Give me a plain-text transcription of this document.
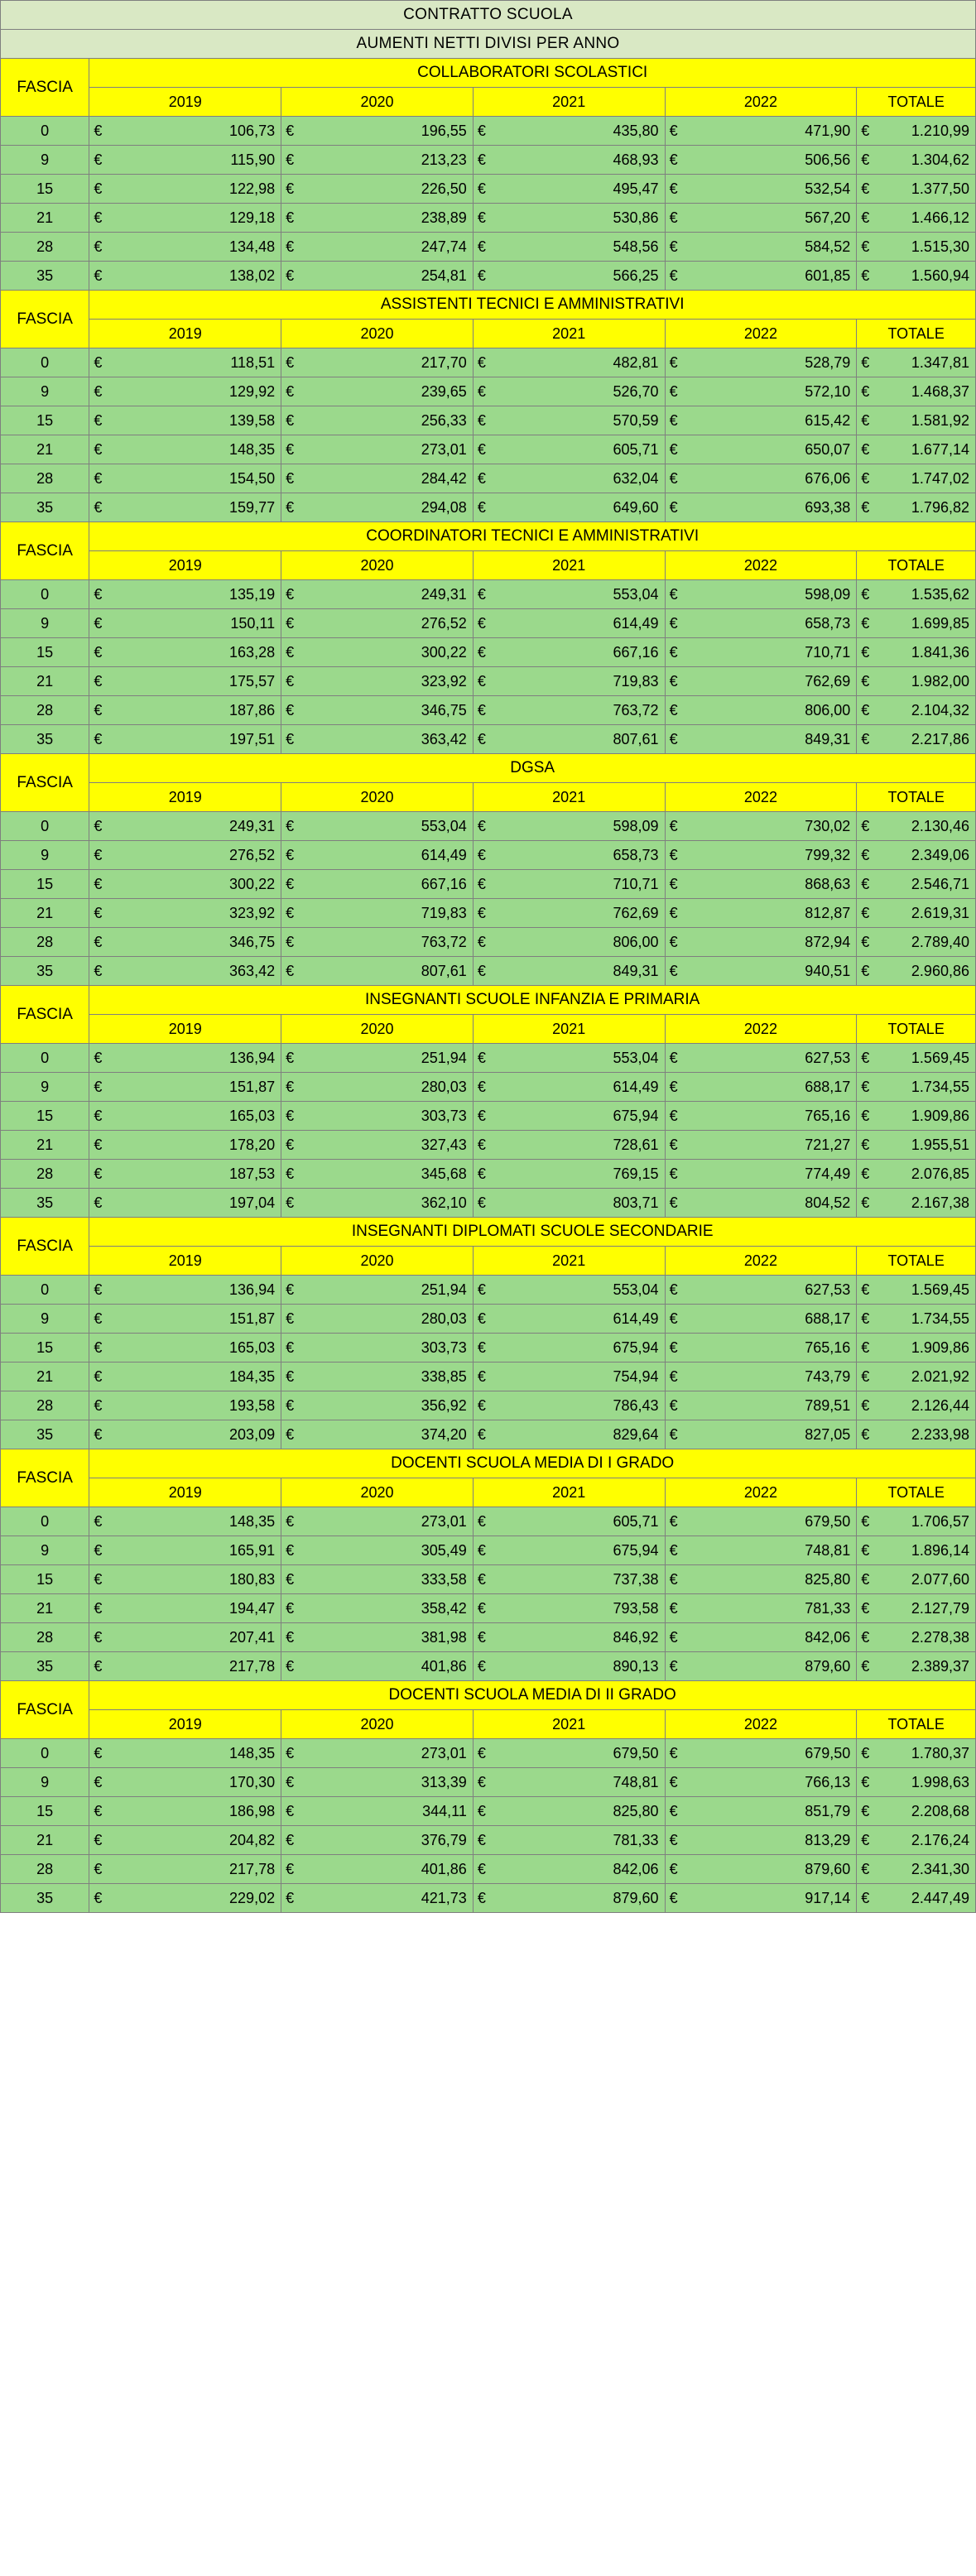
CONTRATTO SCUOLA										
AUMENTI NETTI DIVISI PER ANNO										
FASCIA	COLLABORATORI SCOLASTICI									
	2019		2020		2021		2022		TOTALE	
0	€	106,73	€	196,55	€	435,80	€	471,90	€	1.210,99
9	€	115,90	€	213,23	€	468,93	€	506,56	€	1.304,62
15	€	122,98	€	226,50	€	495,47	€	532,54	€	1.377,50
21	€	129,18	€	238,89	€	530,86	€	567,20	€	1.466,12
28	€	134,48	€	247,74	€	548,56	€	584,52	€	1.515,30
35	€	138,02	€	254,81	€	566,25	€	601,85	€	1.560,94
FASCIA	ASSISTENTI TECNICI E AMMINISTRATIVI									
	2019		2020		2021		2022		TOTALE	
0	€	118,51	€	217,70	€	482,81	€	528,79	€	1.347,81
9	€	129,92	€	239,65	€	526,70	€	572,10	€	1.468,37
15	€	139,58	€	256,33	€	570,59	€	615,42	€	1.581,92
21	€	148,35	€	273,01	€	605,71	€	650,07	€	1.677,14
28	€	154,50	€	284,42	€	632,04	€	676,06	€	1.747,02
35	€	159,77	€	294,08	€	649,60	€	693,38	€	1.796,82
FASCIA	COORDINATORI TECNICI E AMMINISTRATIVI									
	2019		2020		2021		2022		TOTALE	
0	€	135,19	€	249,31	€	553,04	€	598,09	€	1.535,62
9	€	150,11	€	276,52	€	614,49	€	658,73	€	1.699,85
15	€	163,28	€	300,22	€	667,16	€	710,71	€	1.841,36
21	€	175,57	€	323,92	€	719,83	€	762,69	€	1.982,00
28	€	187,86	€	346,75	€	763,72	€	806,00	€	2.104,32
35	€	197,51	€	363,42	€	807,61	€	849,31	€	2.217,86
FASCIA	DGSA									
	2019		2020		2021		2022		TOTALE	
0	€	249,31	€	553,04	€	598,09	€	730,02	€	2.130,46
9	€	276,52	€	614,49	€	658,73	€	799,32	€	2.349,06
15	€	300,22	€	667,16	€	710,71	€	868,63	€	2.546,71
21	€	323,92	€	719,83	€	762,69	€	812,87	€	2.619,31
28	€	346,75	€	763,72	€	806,00	€	872,94	€	2.789,40
35	€	363,42	€	807,61	€	849,31	€	940,51	€	2.960,86
FASCIA	INSEGNANTI SCUOLE INFANZIA E PRIMARIA									
	2019		2020		2021		2022		TOTALE	
0	€	136,94	€	251,94	€	553,04	€	627,53	€	1.569,45
9	€	151,87	€	280,03	€	614,49	€	688,17	€	1.734,55
15	€	165,03	€	303,73	€	675,94	€	765,16	€	1.909,86
21	€	178,20	€	327,43	€	728,61	€	721,27	€	1.955,51
28	€	187,53	€	345,68	€	769,15	€	774,49	€	2.076,85
35	€	197,04	€	362,10	€	803,71	€	804,52	€	2.167,38
FASCIA	INSEGNANTI DIPLOMATI SCUOLE SECONDARIE									
	2019		2020		2021		2022		TOTALE	
0	€	136,94	€	251,94	€	553,04	€	627,53	€	1.569,45
9	€	151,87	€	280,03	€	614,49	€	688,17	€	1.734,55
15	€	165,03	€	303,73	€	675,94	€	765,16	€	1.909,86
21	€	184,35	€	338,85	€	754,94	€	743,79	€	2.021,92
28	€	193,58	€	356,92	€	786,43	€	789,51	€	2.126,44
35	€	203,09	€	374,20	€	829,64	€	827,05	€	2.233,98
FASCIA	DOCENTI SCUOLA MEDIA DI I GRADO									
	2019		2020		2021		2022		TOTALE	
0	€	148,35	€	273,01	€	605,71	€	679,50	€	1.706,57
9	€	165,91	€	305,49	€	675,94	€	748,81	€	1.896,14
15	€	180,83	€	333,58	€	737,38	€	825,80	€	2.077,60
21	€	194,47	€	358,42	€	793,58	€	781,33	€	2.127,79
28	€	207,41	€	381,98	€	846,92	€	842,06	€	2.278,38
35	€	217,78	€	401,86	€	890,13	€	879,60	€	2.389,37
FASCIA	DOCENTI SCUOLA MEDIA DI II GRADO									
	2019		2020		2021		2022		TOTALE	
0	€	148,35	€	273,01	€	679,50	€	679,50	€	1.780,37
9	€	170,30	€	313,39	€	748,81	€	766,13	€	1.998,63
15	€	186,98	€	344,11	€	825,80	€	851,79	€	2.208,68
21	€	204,82	€	376,79	€	781,33	€	813,29	€	2.176,24
28	€	217,78	€	401,86	€	842,06	€	879,60	€	2.341,30
35	€	229,02	€	421,73	€	879,60	€	917,14	€	2.447,49
